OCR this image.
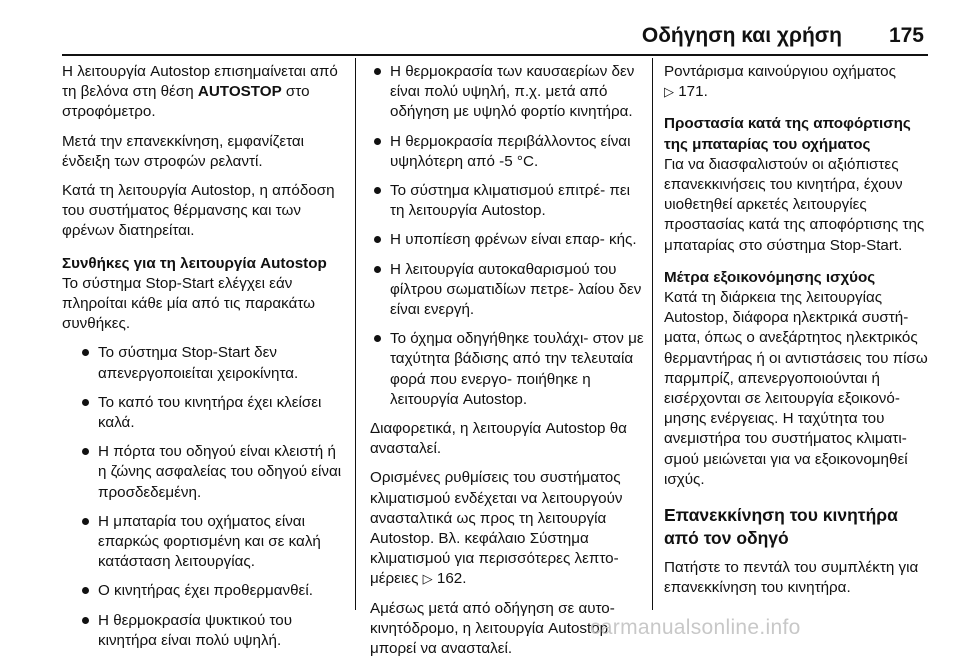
Οδήγηση και χρήση 175

Η λειτουργία Autostop επισημαίνεται από τη βελόνα στη θέση AUTOSTOP στο στροφόμετρο.

Μετά την επανεκκίνηση, εμφανίζεται ένδειξη των στροφών ρελαντί.

Κατά τη λειτουργία Autostop, η απόδοση του συστήματος θέρμανσης και των φρένων διατηρείται.

Συνθήκες για τη λειτουργία Autostop

Το σύστημα Stop-Start ελέγχει εάν πληροίται κάθε μία από τις παρακάτω συνθήκες.

Το σύστημα Stop-Start δεν απενεργοποιείται χειροκίνητα.
Το καπό του κινητήρα έχει κλείσει καλά.
Η πόρτα του οδηγού είναι κλειστή ή η ζώνης ασφαλείας του οδηγού είναι προσδεδεμένη.
Η μπαταρία του οχήματος είναι επαρκώς φορτισμένη και σε καλή κατάσταση λειτουργίας.
Ο κινητήρας έχει προθερμανθεί.
Η θερμοκρασία ψυκτικού του κινητήρα είναι πολύ υψηλή.
Η θερμοκρασία των καυσαερίων δεν είναι πολύ υψηλή, π.χ. μετά από οδήγηση με υψηλό φορτίο κινητήρα.
Η θερμοκρασία περιβάλλοντος είναι υψηλότερη από -5 °C.
Το σύστημα κλιματισμού επιτρέ‐ πει τη λειτουργία Autostop.
Η υποπίεση φρένων είναι επαρ‐ κής.
Η λειτουργία αυτοκαθαρισμού του φίλτρου σωματιδίων πετρε‐ λαίου δεν είναι ενεργή.
Το όχημα οδηγήθηκε τουλάχι‐ στον με ταχύτητα βάδισης από την τελευταία φορά που ενεργο‐ ποιήθηκε η λειτουργία Autostop.

Διαφορετικά, η λειτουργία Autostop θα ανασταλεί.

Ορισμένες ρυθμίσεις του συστήματος κλιματισμού ενδέχεται να λειτουργούν ανασταλτικά ως προς τη λειτουργία Autostop. Βλ. κεφάλαιο Σύστημα κλιματισμού για περισσότερες λεπτο‐ μέρειες ▷ 162.

Αμέσως μετά από οδήγηση σε αυτο‐ κινητόδρομο, η λειτουργία Autostop μπορεί να ανασταλεί.

Ροντάρισμα καινούργιου οχήματος
▷ 171.

Προστασία κατά της αποφόρτισης της μπαταρίας του οχήματος

Για να διασφαλιστούν οι αξιόπιστες επανεκκινήσεις του κινητήρα, έχουν υιοθετηθεί αρκετές λειτουργίες προστασίας κατά της αποφόρτισης της μπαταρίας στο σύστημα Stop-Start.

Μέτρα εξοικονόμησης ισχύος

Κατά τη διάρκεια της λειτουργίας Autostop, διάφορα ηλεκτρικά συστή‐ ματα, όπως ο ανεξάρτητος ηλεκτρικός θερμαντήρας ή οι αντιστάσεις του πίσω παρμπρίζ, απενεργοποιούνται ή εισέρχονται σε λειτουργία εξοικονό‐ μησης ενέργειας. Η ταχύτητα του ανεμιστήρα του συστήματος κλιματι‐ σμού μειώνεται για να εξοικονομηθεί ισχύς.

Επανεκκίνηση του κινητήρα από τον οδηγό

Πατήστε το πεντάλ του συμπλέκτη για επανεκκίνηση του κινητήρα.

carmanualsonline.info
